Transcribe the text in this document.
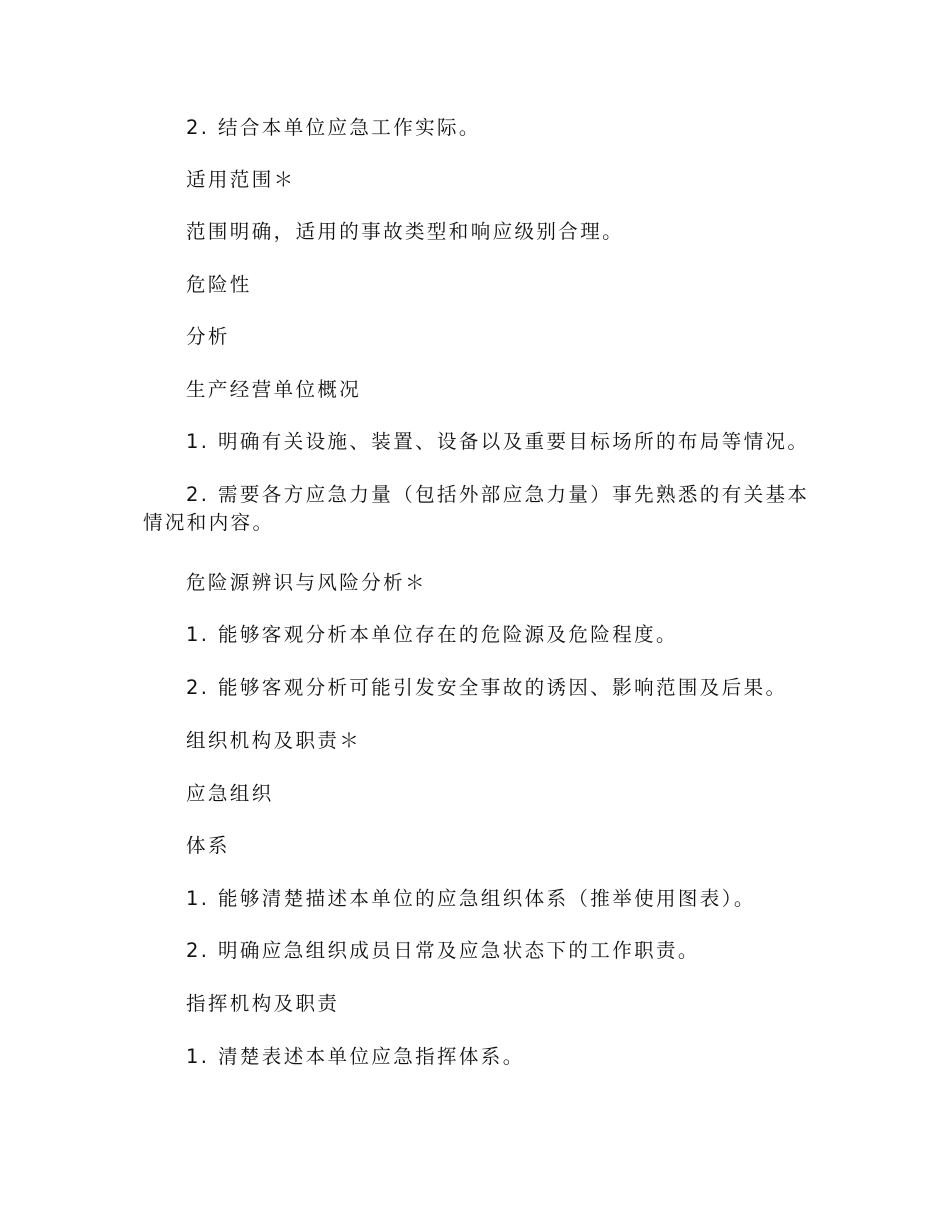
2. 结合本单位应急工作实际。

适用范围＊

范围明确，适用的事故类型和响应级别合理。

危险性

分析

生产经营单位概况

1. 明确有关设施、装置、设备以及重要目标场所的布局等情况。

2. 需要各方应急力量（包括外部应急力量）事先熟悉的有关基本情况和内容。

危险源辨识与风险分析＊

1. 能够客观分析本单位存在的危险源及危险程度。

2. 能够客观分析可能引发安全事故的诱因、影响范围及后果。

组织机构及职责＊

应急组织

体系

1. 能够清楚描述本单位的应急组织体系（推举使用图表）。

2. 明确应急组织成员日常及应急状态下的工作职责。

指挥机构及职责

1. 清楚表述本单位应急指挥体系。
